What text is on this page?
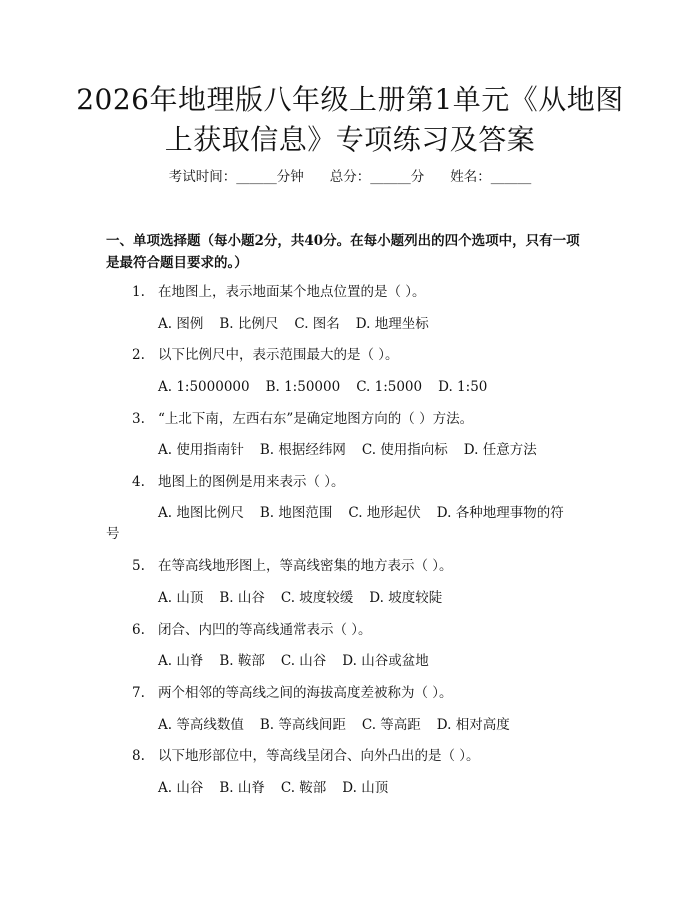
2026年地理版八年级上册第1单元《从地图
上获取信息》专项练习及答案
考试时间：______分钟 总分：______分 姓名：______
一、单项选择题（每小题2分，共40分。在每小题列出的四个选项中，只有一项
是最符合题目要求的。）
1. 在地图上，表示地面某个地点位置的是（ ）。
A. 图例 B. 比例尺 C. 图名 D. 地理坐标
2. 以下比例尺中，表示范围最大的是（ ）。
A. 1:5000000 B. 1:50000 C. 1:5000 D. 1:50
3. “上北下南，左西右东”是确定地图方向的（ ）方法。
A. 使用指南针 B. 根据经纬网 C. 使用指向标 D. 任意方法
4. 地图上的图例是用来表示（ ）。
A. 地图比例尺 B. 地图范围 C. 地形起伏 D. 各种地理事物的符
号
5. 在等高线地形图上，等高线密集的地方表示（ ）。
A. 山顶 B. 山谷 C. 坡度较缓 D. 坡度较陡
6. 闭合、内凹的等高线通常表示（ ）。
A. 山脊 B. 鞍部 C. 山谷 D. 山谷或盆地
7. 两个相邻的等高线之间的海拔高度差被称为（ ）。
A. 等高线数值 B. 等高线间距 C. 等高距 D. 相对高度
8. 以下地形部位中，等高线呈闭合、向外凸出的是（ ）。
A. 山谷 B. 山脊 C. 鞍部 D. 山顶
